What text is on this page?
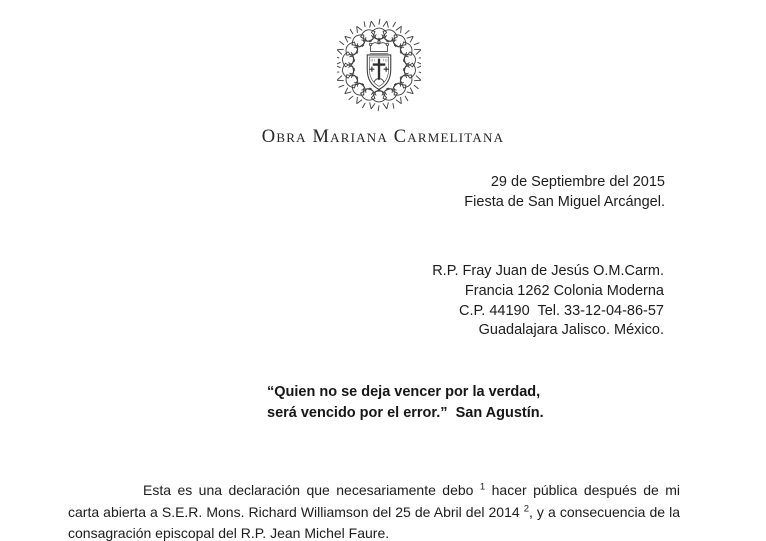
Obra Mariana Carmelitana
29 de Septiembre del 2015
Fiesta de San Miguel Arcángel.
R.P. Fray Juan de Jesús O.M.Carm.
Francia 1262 Colonia Moderna
C.P. 44190  Tel. 33-12-04-86-57
Guadalajara Jalisco. México.
“Quien no se deja vencer por la verdad,
será vencido por el error.”  San Agustín.

Esta es una declaración que necesariamente debo $^1$ hacer pública después de mi carta abierta a S.E.R. Mons. Richard Williamson del 25 de Abril del 2014 $^2$, y a consecuencia de la consagración episcopal del R.P. Jean Michel Faure.
